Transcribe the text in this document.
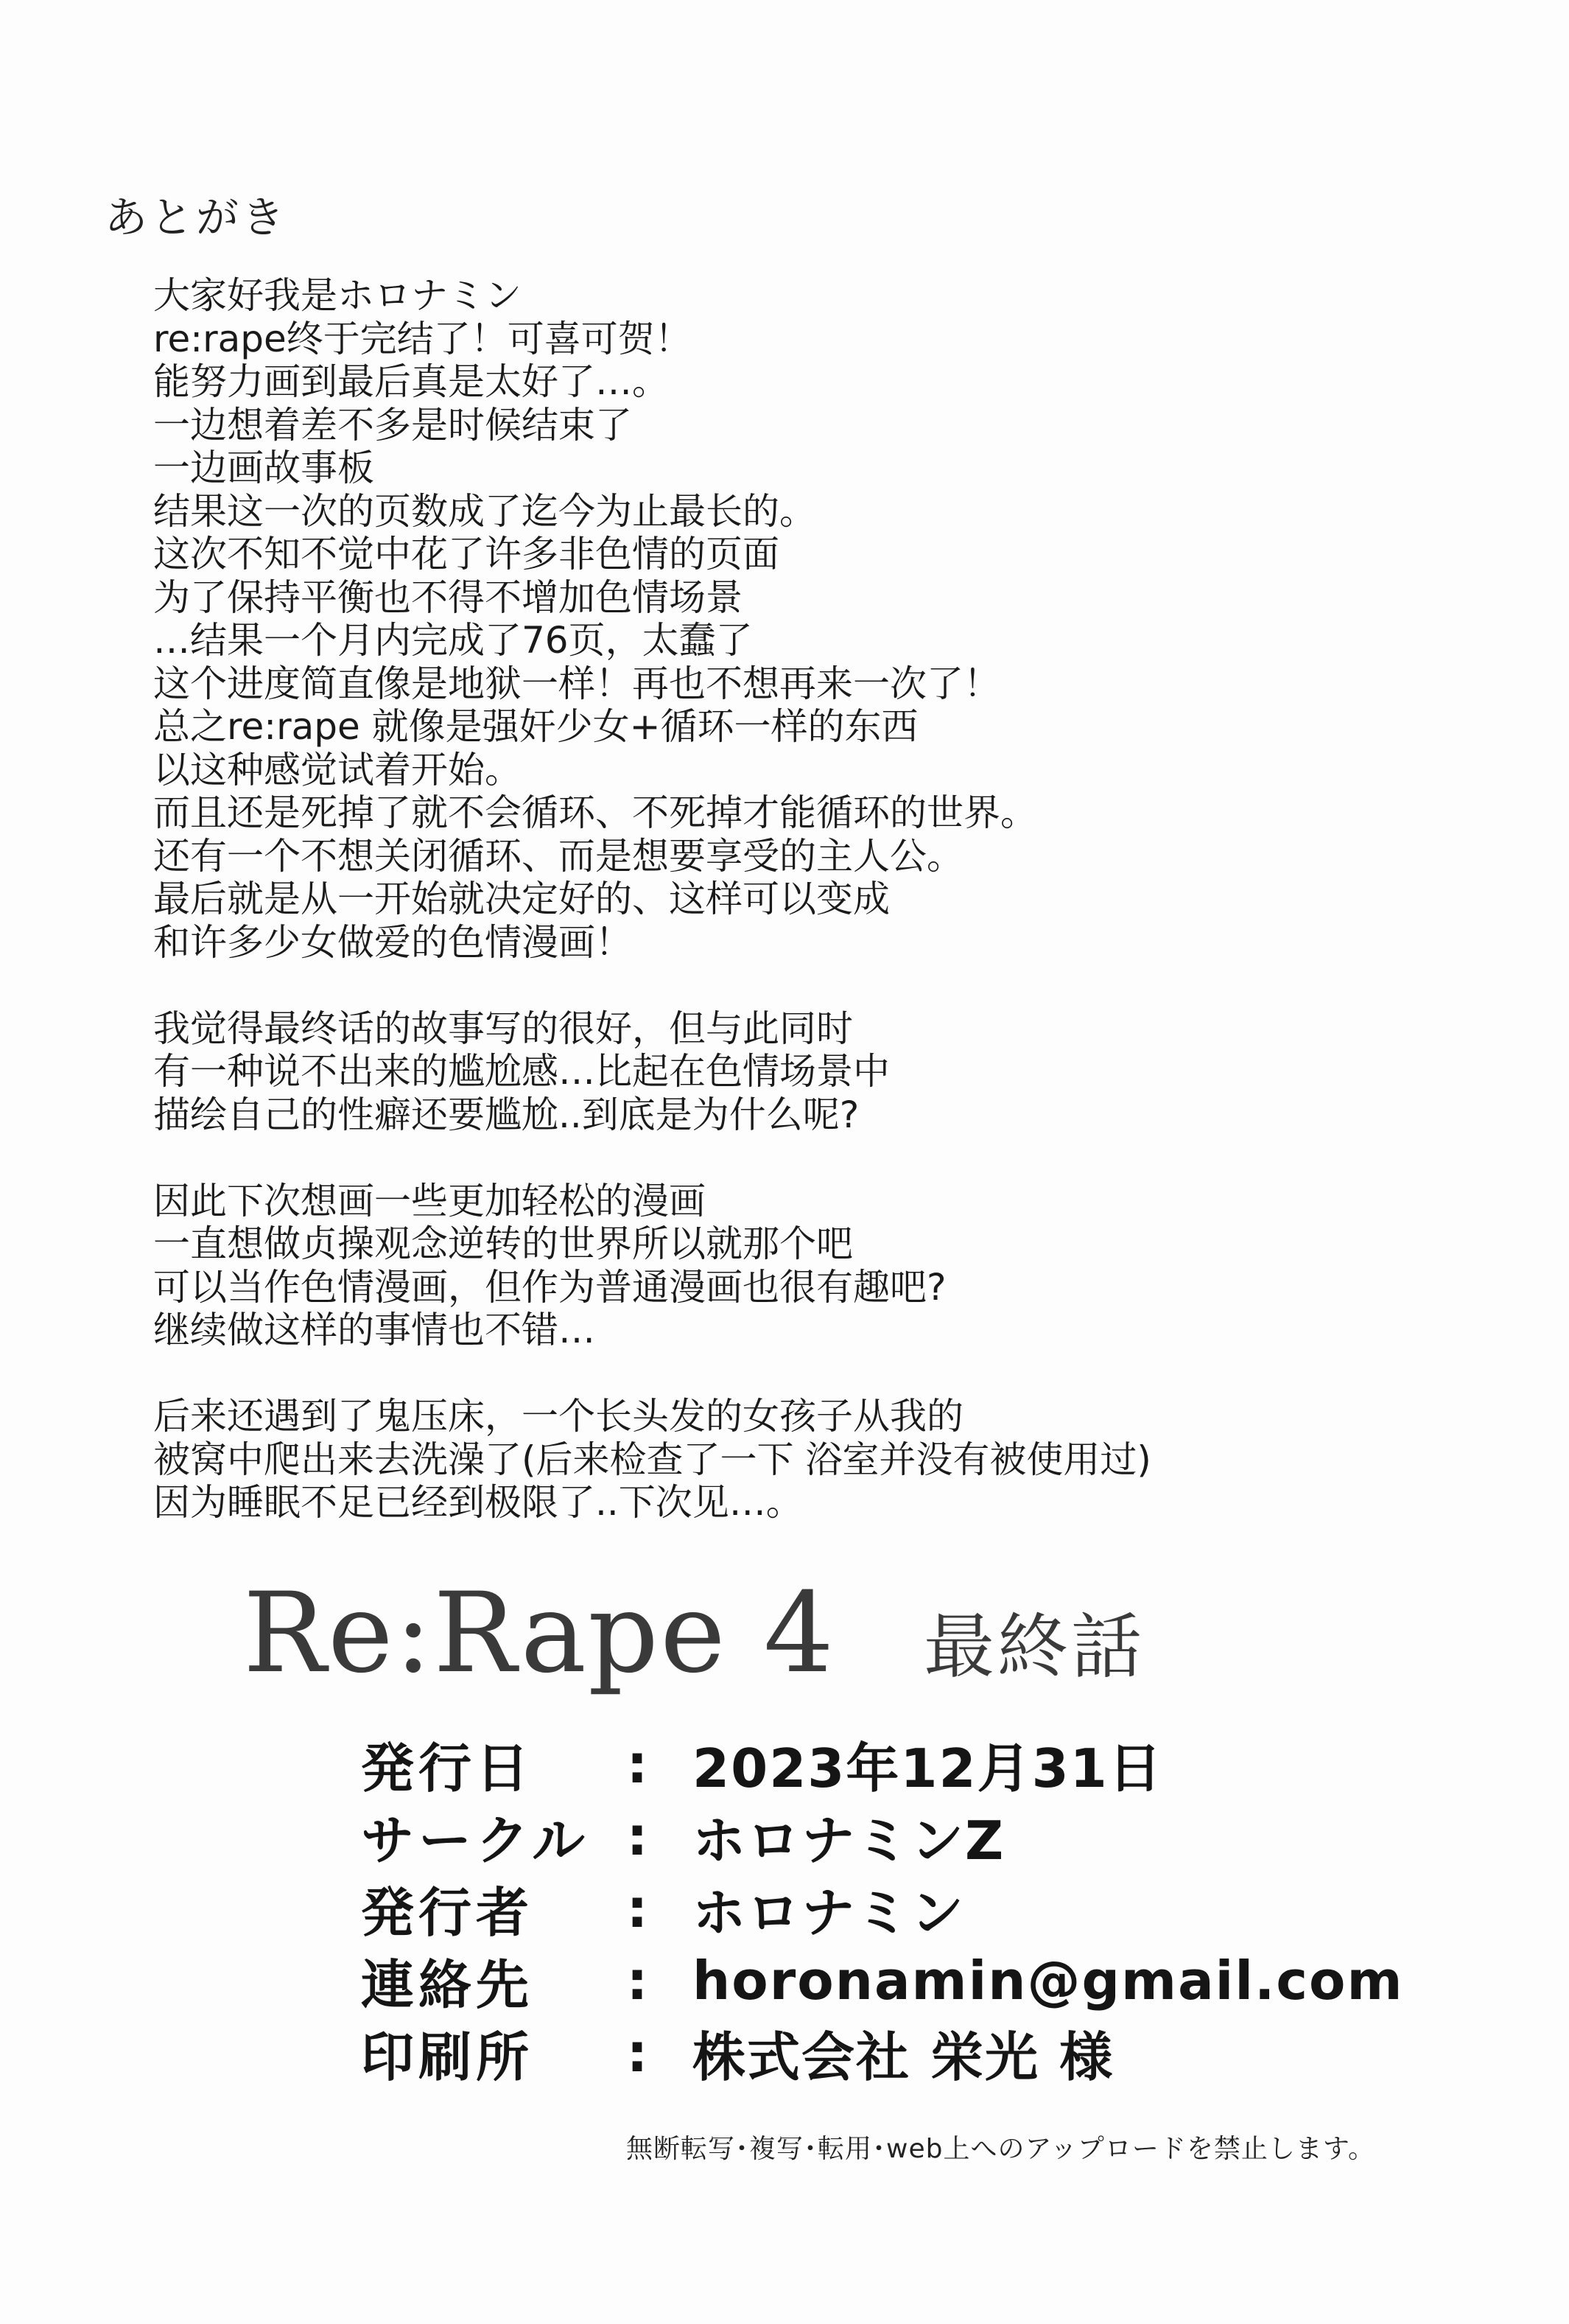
あとがき
大家好我是ホロナミン
re:rape终于完结了！可喜可贺！
能努力画到最后真是太好了…。
一边想着差不多是时候结束了
一边画故事板
结果这一次的页数成了迄今为止最长的。
这次不知不觉中花了许多非色情的页面
为了保持平衡也不得不增加色情场景
…结果一个月内完成了76页，太蠢了
这个进度简直像是地狱一样！再也不想再来一次了！
总之re:rape 就像是强奸少女+循环一样的东西
以这种感觉试着开始。
而且还是死掉了就不会循环、不死掉才能循环的世界。
还有一个不想关闭循环、而是想要享受的主人公。
最后就是从一开始就决定好的、这样可以变成
和许多少女做爱的色情漫画！
我觉得最终话的故事写的很好，但与此同时
有一种说不出来的尴尬感…比起在色情场景中
描绘自己的性癖还要尴尬..到底是为什么呢?
因此下次想画一些更加轻松的漫画
一直想做贞操观念逆转的世界所以就那个吧
可以当作色情漫画，但作为普通漫画也很有趣吧?
继续做这样的事情也不错…
后来还遇到了鬼压床，一个长头发的女孩子从我的
被窝中爬出来去洗澡了(后来检查了一下 浴室并没有被使用过)
因为睡眠不足已经到极限了..下次见…。
Re:Rape 4 最終話
発行日	: 2023年12月31日
サークル : ホロナミンZ
発行者	: ホロナミン
連絡先	: horonamin@gmail.com
印刷所	: 株式会社 栄光 様
無断転写･複写･転用･web上へのアップロードを禁止します。
